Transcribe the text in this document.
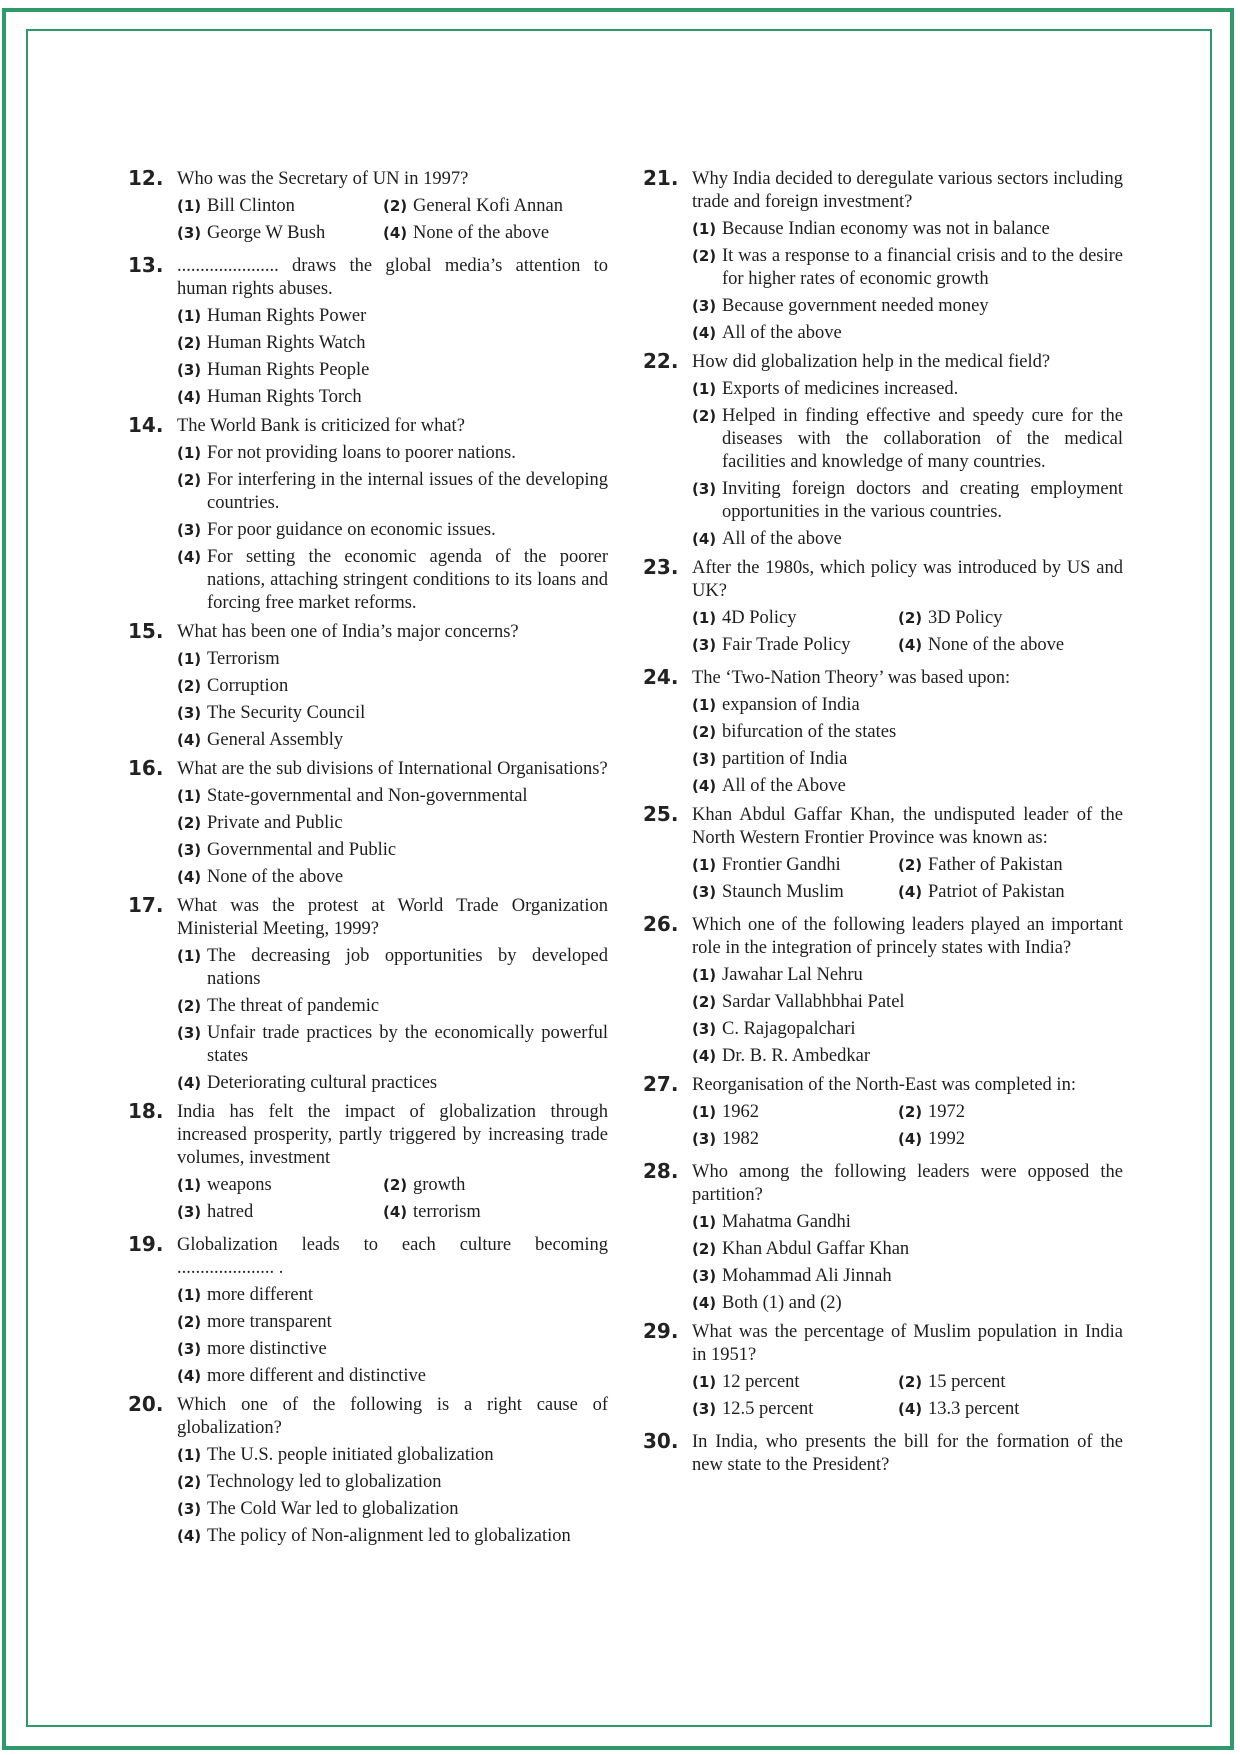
12. Who was the Secretary of UN in 1997?
(1) Bill Clinton	(2) General Kofi Annan
(3) George W Bush	(4) None of the above
13. ...................... draws the global media’s attention to human rights abuses.
(1) Human Rights Power
(2) Human Rights Watch
(3) Human Rights People
(4) Human Rights Torch
14. The World Bank is criticized for what?
(1) For not providing loans to poorer nations.
(2) For interfering in the internal issues of the developing countries.
(3) For poor guidance on economic issues.
(4) For setting the economic agenda of the poorer nations, attaching stringent conditions to its loans and forcing free market reforms.
15. What has been one of India’s major concerns?
(1) Terrorism
(2) Corruption
(3) The Security Council
(4) General Assembly
16. What are the sub divisions of International Organisations?
(1) State-governmental and Non-governmental
(2) Private and Public
(3) Governmental and Public
(4) None of the above
17. What was the protest at World Trade Organization Ministerial Meeting, 1999?
(1) The decreasing job opportunities by developed nations
(2) The threat of pandemic
(3) Unfair trade practices by the economically powerful states
(4) Deteriorating cultural practices
18. India has felt the impact of globalization through increased prosperity, partly triggered by increasing trade volumes, investment
(1) weapons	(2) growth
(3) hatred	(4) terrorism
19. Globalization leads to each culture becoming ..................... .
(1) more different
(2) more transparent
(3) more distinctive
(4) more different and distinctive
20. Which one of the following is a right cause of globalization?
(1) The U.S. people initiated globalization
(2) Technology led to globalization
(3) The Cold War led to globalization
(4) The policy of Non-alignment led to globalization
21. Why India decided to deregulate various sectors including trade and foreign investment?
(1) Because Indian economy was not in balance
(2) It was a response to a financial crisis and to the desire for higher rates of economic growth
(3) Because government needed money
(4) All of the above
22. How did globalization help in the medical field?
(1) Exports of medicines increased.
(2) Helped in finding effective and speedy cure for the diseases with the collaboration of the medical facilities and knowledge of many countries.
(3) Inviting foreign doctors and creating employment opportunities in the various countries.
(4) All of the above
23. After the 1980s, which policy was introduced by US and UK?
(1) 4D Policy	(2) 3D Policy
(3) Fair Trade Policy	(4) None of the above
24. The ‘Two-Nation Theory’ was based upon:
(1) expansion of India
(2) bifurcation of the states
(3) partition of India
(4) All of the Above
25. Khan Abdul Gaffar Khan, the undisputed leader of the North Western Frontier Province was known as:
(1) Frontier Gandhi	(2) Father of Pakistan
(3) Staunch Muslim	(4) Patriot of Pakistan
26. Which one of the following leaders played an important role in the integration of princely states with India?
(1) Jawahar Lal Nehru
(2) Sardar Vallabhbhai Patel
(3) C. Rajagopalchari
(4) Dr. B. R. Ambedkar
27. Reorganisation of the North-East was completed in:
(1) 1962	(2) 1972
(3) 1982	(4) 1992
28. Who among the following leaders were opposed the partition?
(1) Mahatma Gandhi
(2) Khan Abdul Gaffar Khan
(3) Mohammad Ali Jinnah
(4) Both (1) and (2)
29. What was the percentage of Muslim population in India in 1951?
(1) 12 percent	(2) 15 percent
(3) 12.5 percent	(4) 13.3 percent
30. In India, who presents the bill for the formation of the new state to the President?
